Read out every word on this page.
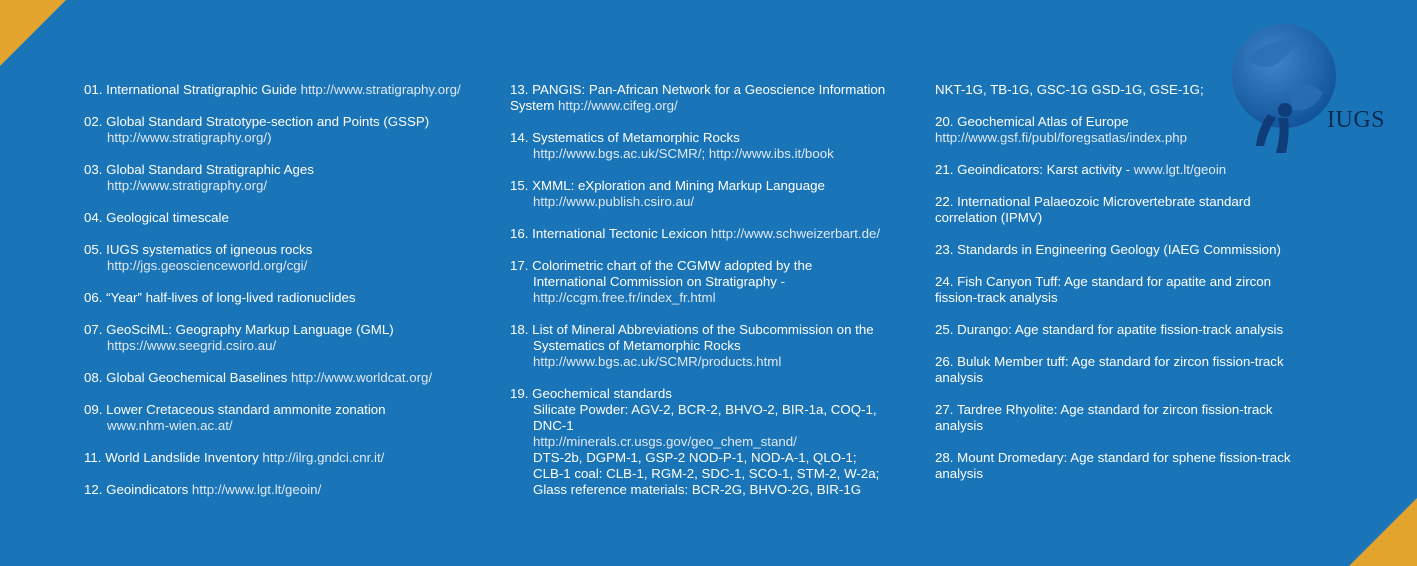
IUGS
01. International Stratigraphic Guide http://www.stratigraphy.org/
02. Global Standard Stratotype-section and Points (GSSP)
http://www.stratigraphy.org/)
03. Global Standard Stratigraphic Ages
http://www.stratigraphy.org/
04. Geological timescale
05. IUGS systematics of igneous rocks
http://jgs.geoscienceworld.org/cgi/
06. “Year” half-lives of long-lived radionuclides
07. GeoSciML: Geography Markup Language (GML)
https://www.seegrid.csiro.au/
08. Global Geochemical Baselines http://www.worldcat.org/
09. Lower Cretaceous standard ammonite zonation
www.nhm-wien.ac.at/
11. World Landslide Inventory http://ilrg.gndci.cnr.it/
12. Geoindicators http://www.lgt.lt/geoin/
13. PANGIS: Pan-African Network for a Geoscience Information
System http://www.cifeg.org/
14. Systematics of Metamorphic Rocks
http://www.bgs.ac.uk/SCMR/; http://www.ibs.it/book
15. XMML: eXploration and Mining Markup Language
http://www.publish.csiro.au/
16. International Tectonic Lexicon http://www.schweizerbart.de/
17. Colorimetric chart of the CGMW adopted by the
International Commission on Stratigraphy -
http://ccgm.free.fr/index_fr.html
18. List of Mineral Abbreviations of the Subcommission on the
Systematics of Metamorphic Rocks
http://www.bgs.ac.uk/SCMR/products.html
19. Geochemical standards
Silicate Powder: AGV-2, BCR-2, BHVO-2, BIR-1a, COQ-1,
DNC-1
http://minerals.cr.usgs.gov/geo_chem_stand/
DTS-2b, DGPM-1, GSP-2 NOD-P-1, NOD-A-1, QLO-1;
CLB-1 coal: CLB-1, RGM-2, SDC-1, SCO-1, STM-2, W-2a;
Glass reference materials: BCR-2G, BHVO-2G, BIR-1G
NKT-1G, TB-1G, GSC-1G GSD-1G, GSE-1G;
20. Geochemical Atlas of Europe
http://www.gsf.fi/publ/foregsatlas/index.php
21. Geoindicators: Karst activity - www.lgt.lt/geoin
22. International Palaeozoic Microvertebrate standard
correlation (IPMV)
23. Standards in Engineering Geology (IAEG Commission)
24. Fish Canyon Tuff: Age standard for apatite and zircon
fission-track analysis
25. Durango: Age standard for apatite fission-track analysis
26. Buluk Member tuff: Age standard for zircon fission-track
analysis
27. Tardree Rhyolite: Age standard for zircon fission-track
analysis
28. Mount Dromedary: Age standard for sphene fission-track
analysis
